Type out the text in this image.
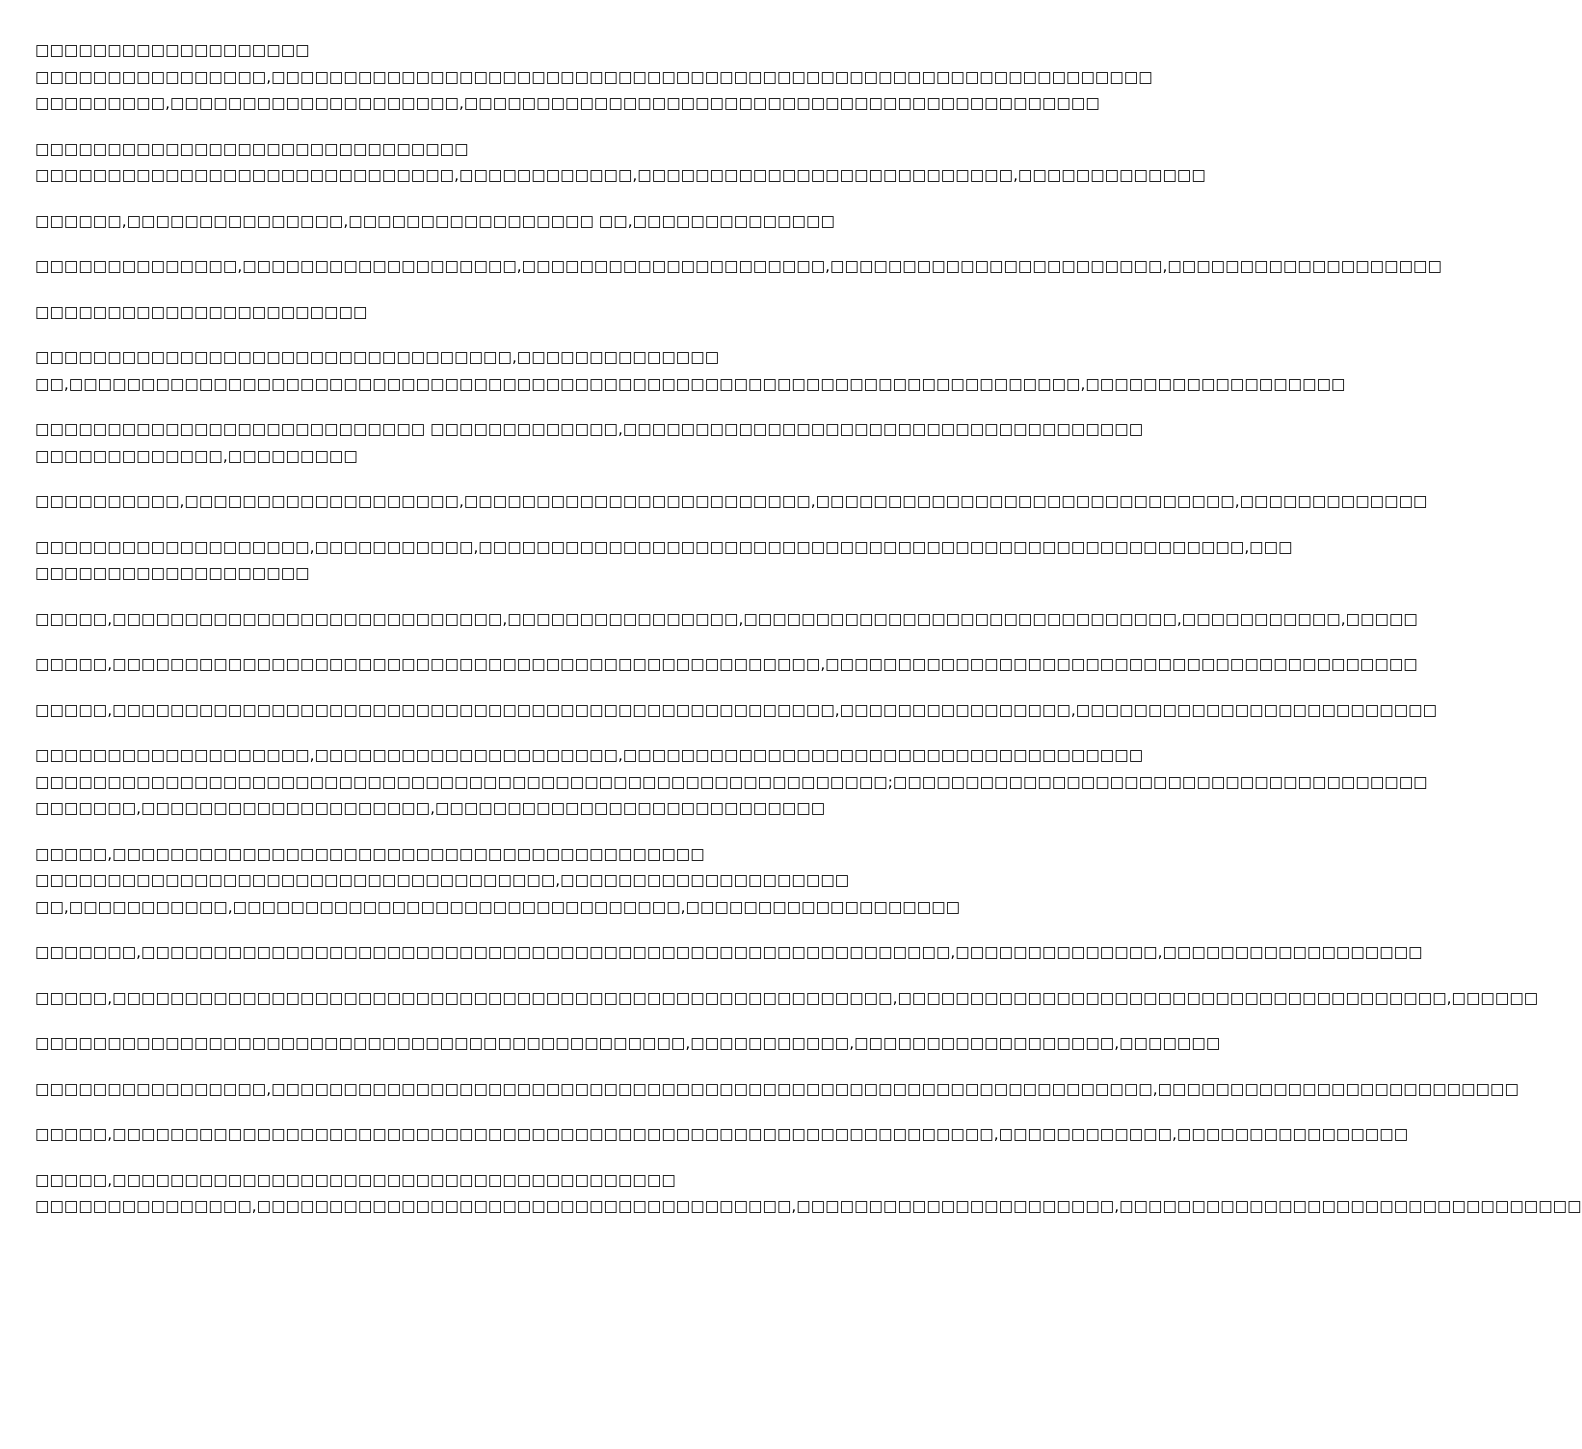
□□□□□□□□□□□□□□□□□□□
□□□□□□□□□□□□□□□□,□□□□□□□□□□□□□□□□□□□□□□□□□□□□□□□□□□□□□□□□□□□□□□□□□□□□□□□□□□□□□
□□□□□□□□□,□□□□□□□□□□□□□□□□□□□□,□□□□□□□□□□□□□□□□□□□□□□□□□□□□□□□□□□□□□□□□□□□□
□□□□□□□□□□□□□□□□□□□□□□□□□□□□□□
□□□□□□□□□□□□□□□□□□□□□□□□□□□□□,□□□□□□□□□□□□,□□□□□□□□□□□□□□□□□□□□□□□□□□,□□□□□□□□□□□□□
□□□□□□,□□□□□□□□□□□□□□□,□□□□□□□□□□□□□□□□□ □□,□□□□□□□□□□□□□□
□□□□□□□□□□□□□□,□□□□□□□□□□□□□□□□□□□,□□□□□□□□□□□□□□□□□□□□□,□□□□□□□□□□□□□□□□□□□□□□□,□□□□□□□□□□□□□□□□□□□
□□□□□□□□□□□□□□□□□□□□□□□
□□□□□□□□□□□□□□□□□□□□□□□□□□□□□□□□□,□□□□□□□□□□□□□□
□□,□□□□□□□□□□□□□□□□□□□□□□□□□□□□□□□□□□□□□□□□□□□□□□□□□□□□□□□□□□□□□□□□□□□□□□,□□□□□□□□□□□□□□□□□□
□□□□□□□□□□□□□□□□□□□□□□□□□□□ □□□□□□□□□□□□□,□□□□□□□□□□□□□□□□□□□□□□□□□□□□□□□□□□□□
□□□□□□□□□□□□□,□□□□□□□□□
□□□□□□□□□□,□□□□□□□□□□□□□□□□□□□,□□□□□□□□□□□□□□□□□□□□□□□□,□□□□□□□□□□□□□□□□□□□□□□□□□□□□□,□□□□□□□□□□□□□
□□□□□□□□□□□□□□□□□□□,□□□□□□□□□□□,□□□□□□□□□□□□□□□□□□□□□□□□□□□□□□□□□□□□□□□□□□□□□□□□□□□□□,□□□
□□□□□□□□□□□□□□□□□□□
□□□□□,□□□□□□□□□□□□□□□□□□□□□□□□□□□,□□□□□□□□□□□□□□□□,□□□□□□□□□□□□□□□□□□□□□□□□□□□□□□,□□□□□□□□□□□,□□□□□
□□□□□,□□□□□□□□□□□□□□□□□□□□□□□□□□□□□□□□□□□□□□□□□□□□□□□□□,□□□□□□□□□□□□□□□□□□□□□□□□□□□□□□□□□□□□□□□□□
□□□□□,□□□□□□□□□□□□□□□□□□□□□□□□□□□□□□□□□□□□□□□□□□□□□□□□□□,□□□□□□□□□□□□□□□□,□□□□□□□□□□□□□□□□□□□□□□□□□
□□□□□□□□□□□□□□□□□□□,□□□□□□□□□□□□□□□□□□□□□,□□□□□□□□□□□□□□□□□□□□□□□□□□□□□□□□□□□□
□□□□□□□□□□□□□□□□□□□□□□□□□□□□□□□□□□□□□□□□□□□□□□□□□□□□□□□□□□□;□□□□□□□□□□□□□□□□□□□□□□□□□□□□□□□□□□□□□
□□□□□□□,□□□□□□□□□□□□□□□□□□□□,□□□□□□□□□□□□□□□□□□□□□□□□□□□
□□□□□,□□□□□□□□□□□□□□□□□□□□□□□□□□□□□□□□□□□□□□□□□
□□□□□□□□□□□□□□□□□□□□□□□□□□□□□□□□□□□□,□□□□□□□□□□□□□□□□□□□□
□□,□□□□□□□□□□□,□□□□□□□□□□□□□□□□□□□□□□□□□□□□□□□,□□□□□□□□□□□□□□□□□□□
□□□□□□□,□□□□□□□□□□□□□□□□□□□□□□□□□□□□□□□□□□□□□□□□□□□□□□□□□□□□□□□□,□□□□□□□□□□□□□□,□□□□□□□□□□□□□□□□□□
□□□□□,□□□□□□□□□□□□□□□□□□□□□□□□□□□□□□□□□□□□□□□□□□□□□□□□□□□□□□,□□□□□□□□□□□□□□□□□□□□□□□□□□□□□□□□□□□□□□,□□□□□□
□□□□□□□□□□□□□□□□□□□□□□□□□□□□□□□□□□□□□□□□□□□□□,□□□□□□□□□□□,□□□□□□□□□□□□□□□□□□,□□□□□□□
□□□□□□□□□□□□□□□□,□□□□□□□□□□□□□□□□□□□□□□□□□□□□□□□□□□□□□□□□□□□□□□□□□□□□□□□□□□□□□,□□□□□□□□□□□□□□□□□□□□□□□□□
□□□□□,□□□□□□□□□□□□□□□□□□□□□□□□□□□□□□□□□□□□□□□□□□□□□□□□□□□□□□□□□□□□□,□□□□□□□□□□□□,□□□□□□□□□□□□□□□□
□□□□□,□□□□□□□□□□□□□□□□□□□□□□□□□□□□□□□□□□□□□□□
□□□□□□□□□□□□□□□,□□□□□□□□□□□□□□□□□□□□□□□□□□□□□□□□□□□□□,□□□□□□□□□□□□□□□□□□□□□□,□□□□□□□□□□□□□□□□□□□□□□□□□□□□□□□□
